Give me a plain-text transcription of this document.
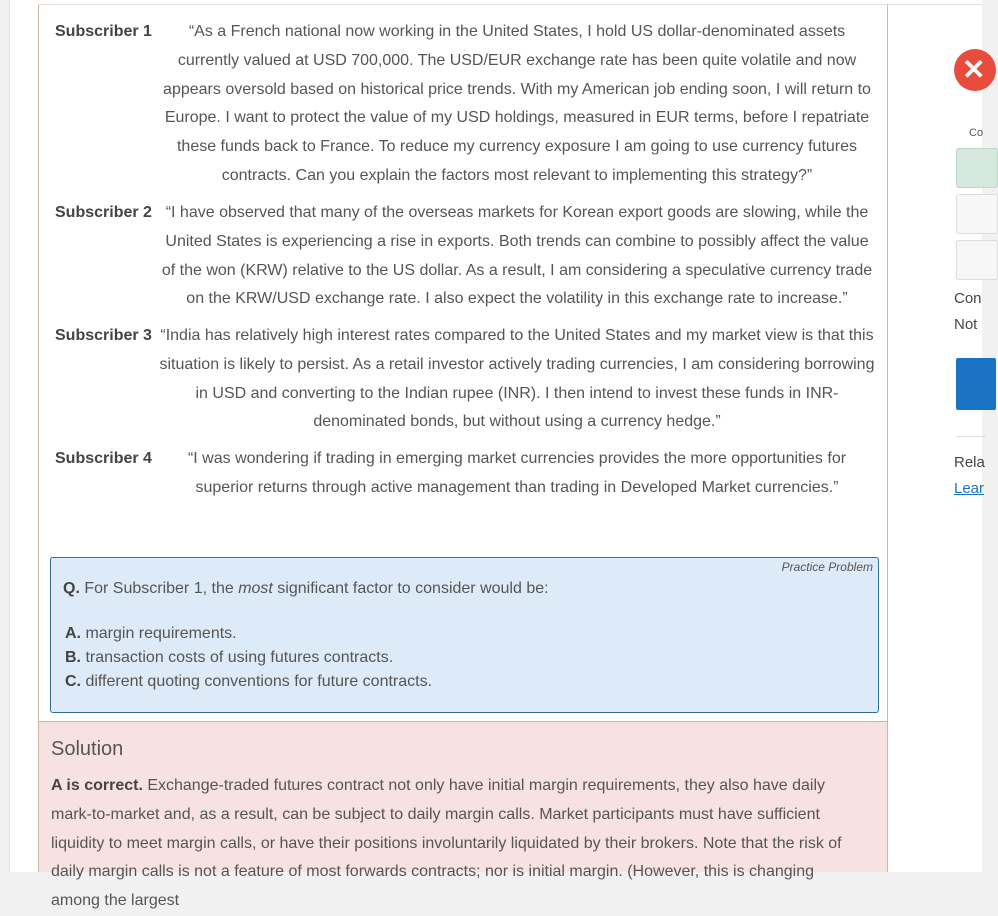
Subscriber 1	“As a French national now working in the United States, I hold US dollar-denominated assets currently valued at USD 700,000. The USD/EUR exchange rate has been quite volatile and now appears oversold based on historical price trends. With my American job ending soon, I will return to Europe. I want to protect the value of my USD holdings, measured in EUR terms, before I repatriate these funds back to France. To reduce my currency exposure I am going to use currency futures contracts. Can you explain the factors most relevant to implementing this strategy?”
Subscriber 2 “I have observed that many of the overseas markets for Korean export goods are slowing, while the United States is experiencing a rise in exports. Both trends can combine to possibly affect the value of the won (KRW) relative to the US dollar. As a result, I am considering a speculative currency trade on the KRW/USD exchange rate. I also expect the volatility in this exchange rate to increase.”
Subscriber 3 “India has relatively high interest rates compared to the United States and my market view is that this situation is likely to persist. As a retail investor actively trading currencies, I am considering borrowing in USD and converting to the Indian rupee (INR). I then intend to invest these funds in INR-denominated bonds, but without using a currency hedge.”
Subscriber 4	“I was wondering if trading in emerging market currencies provides the more opportunities for superior returns through active management than trading in Developed Market currencies.”
Practice Problem
Q. For Subscriber 1, the most significant factor to consider would be:
A. margin requirements.
B. transaction costs of using futures contracts.
C. different quoting conventions for future contracts.
Solution
A is correct. Exchange-traded futures contract not only have initial margin requirements, they also have daily mark-to-market and, as a result, can be subject to daily margin calls. Market participants must have sufficient liquidity to meet margin calls, or have their positions involuntarily liquidated by their brokers. Note that the risk of daily margin calls is not a feature of most forwards contracts; nor is initial margin. (However, this is changing among the largest
✕
Co
Con
Not
Rela
Lear
